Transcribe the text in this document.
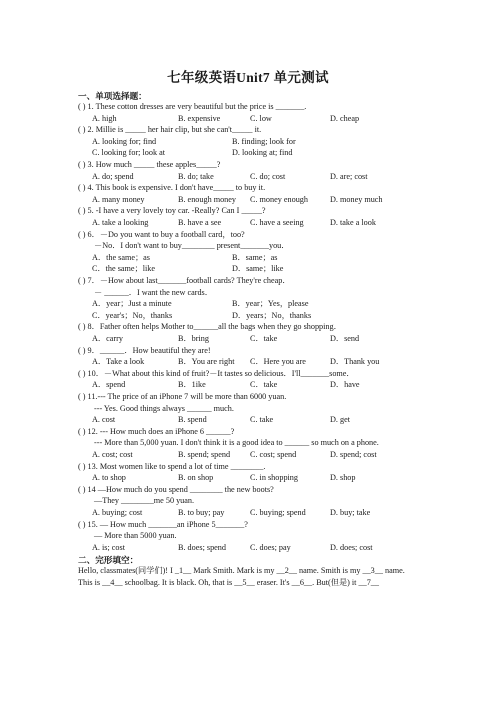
七年级英语Unit7 单元测试
一、单项选择题：
( ) 1. These cotton dresses are very beautiful but the price is _______.
A. high	B. expensive	C. low	D. cheap
( ) 2. Millie is _____ her hair clip, but she can't_____ it.
A. looking for; find	B. finding; look for
C. looking for; look at	D. looking at; find
( ) 3. How much _____ these apples_____?
A. do; spend	B. do; take	C. do; cost	D. are; cost
( ) 4. This book is expensive. I don't have_____ to buy it.
A. many money	B. enough money C. money enough	D. money much
( ) 5. -I have a very lovely toy car. -Really? Can I _____?
A. take a looking	B. have a see	C. have a seeing	D. take a look
( ) 6．－Do you want to buy a football card，too?
－No．I don't want to buy________ present_______you．
A．the same；as	B．same；as
C．the same；like	D．same；like
( ) 7．－How about last_______football cards? They're cheap．
－ ______．I want the new cards．
A．year；Just a minute	B．year；Yes，please
C．year's；No，thanks	D．years；No，thanks
( ) 8．Father often helps Mother to______all the bags when they go shopping．
A．carry	B．bring	C．take	D．send
( ) 9．______．How beautiful they are!
A．Take a look	B．You are right C．Here you are	D．Thank you
( ) 10．－What about this kind of fruit?－It tastes so delicious．I'll_______some．
A．spend	B．1ike	C．take	D．have
( ) 11.--- The price of an iPhone 7 will be more than 6000 yuan.
--- Yes. Good things always ______ much.
A. cost	B. spend	C. take	D. get
( ) 12. --- How much does an iPhone 6 ______?
--- More than 5,000 yuan. I don't think it is a good idea to ______ so much on a phone.
A. cost; cost	B. spend; spend C. cost; spend	D. spend; cost
( ) 13. Most women like to spend a lot of time ________.
A. to shop	B. on shop	C. in shopping	D. shop
( ) 14 —How much do you spend ________ the new boots?
—They ________me 50 yuan.
A. buying; cost	B. to buy; pay	C. buying; spend	D. buy; take
( ) 15. — How much _______an iPhone 5_______?
— More than 5000 yuan.
A. is; cost	B. does; spend	C. does; pay	D. does; cost
二、完形填空：
Hello, classmates(同学们)! I _1__ Mark Smith. Mark is my __2__ name. Smith is my __3__ name. This is __4__ schoolbag. It is black. Oh, that is __5__ eraser. It's __6__. But(但是) it __7__
